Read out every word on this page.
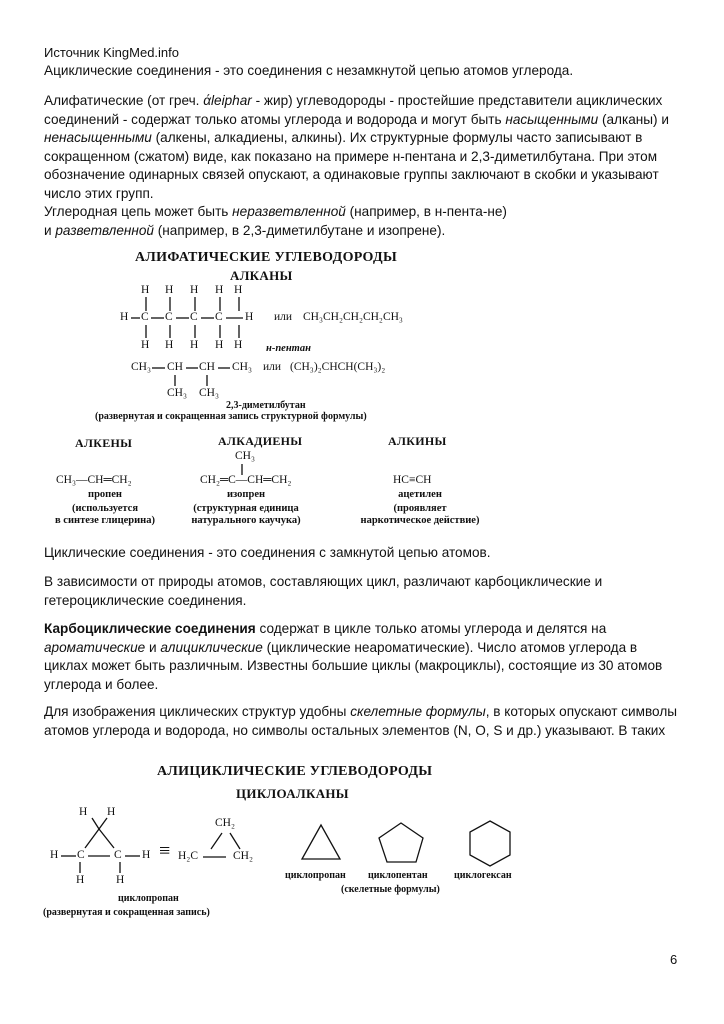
Источник KingMed.info

Ациклические соединения - это соединения с незамкнутой цепью атомов углерода.

Алифатические (от греч. άleiphar - жир) углеводороды - простейшие представители ациклических соединений - содержат только атомы углерода и водорода и могут быть насыщенными (алканы) и ненасыщенными (алкены, алкадиены, алкины). Их структурные формулы часто записывают в сокращенном (сжатом) виде, как показано на примере н-пентана и 2,3-диметилбутана. При этом обозначение одинарных связей опускают, а одинаковые группы заключают в скобки и указывают число этих групп.

Углеродная цепь может быть неразветвленной (например, в н-пента-не)
и разветвленной (например, в 2,3-диметилбутане и изопрене).

АЛИФАТИЧЕСКИЕ УГЛЕВОДОРОДЫ
АЛКАНЫ
H H H H H
H C C C C H
H H H H H
или CH₃CH₂CH₂CH₂CH₃
н-пентан
CH₃ CH CH CH₃
CH₃ CH₃
или (CH₃)₂CHCH(CH₃)₂
2,3-диметилбутан
(развернутая и сокращенная запись структурной формулы)
АЛКЕНЫ	АЛКАДИЕНЫ	АЛКИНЫ
CH₃—CH═CH₂
пропен
(используется
в синтезе глицерина)
CH₃
CH₂═C—CH═CH₂
изопрен
(структурная единица
натурального каучука)
HC≡CH
ацетилен
(проявляет
наркотическое действие)

Циклические соединения - это соединения с замкнутой цепью атомов.

В зависимости от природы атомов, составляющих цикл, различают карбоциклические и гетероциклические соединения.

Карбоциклические соединения содержат в цикле только атомы углерода и делятся на ароматические и алициклические (циклические неароматические). Число атомов углерода в циклах может быть различным. Известны большие циклы (макроциклы), состоящие из 30 атомов углерода и более.

Для изображения циклических структур удобны скелетные формулы, в которых опускают символы атомов углерода и водорода, но символы остальных элементов (N, O, S и др.) указывают. В таких

АЛИЦИКЛИЧЕСКИЕ УГЛЕВОДОРОДЫ
ЦИКЛОАЛКАНЫ
H H
H C	C H
H	H
≡
CH₂
H₂C	CH₂
циклопропан
(развернутая и сокращенная запись)
циклопропан циклопентан	циклогексан
(скелетные формулы)
6
